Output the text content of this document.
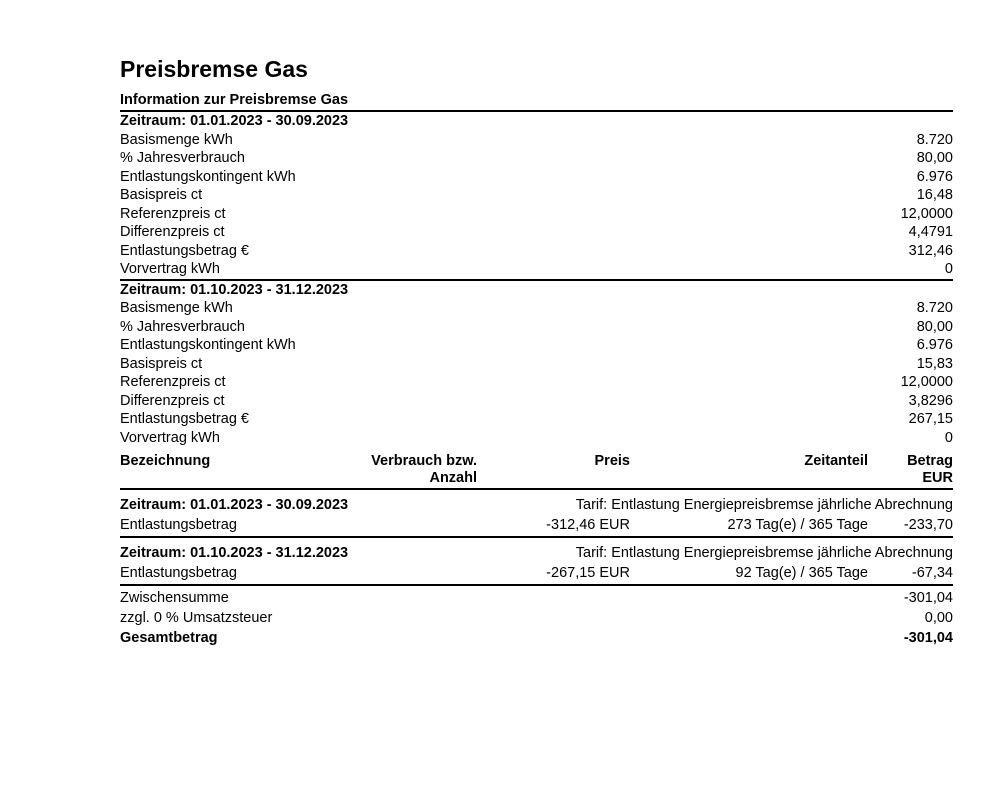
Preisbremse Gas
Information zur Preisbremse Gas
Zeitraum: 01.01.2023 - 30.09.2023
Basismenge kWh	8.720
% Jahresverbrauch	80,00
Entlastungskontingent kWh	6.976
Basispreis ct	16,48
Referenzpreis ct	12,0000
Differenzpreis ct	4,4791
Entlastungsbetrag €	312,46
Vorvertrag kWh	0
Zeitraum: 01.10.2023 - 31.12.2023
Basismenge kWh	8.720
% Jahresverbrauch	80,00
Entlastungskontingent kWh	6.976
Basispreis ct	15,83
Referenzpreis ct	12,0000
Differenzpreis ct	3,8296
Entlastungsbetrag €	267,15
Vorvertrag kWh	0
Bezeichnung	Verbrauch bzw.
Anzahl
Preis	Zeitanteil	Betrag
EUR
Zeitraum: 01.01.2023 - 30.09.2023	Tarif: Entlastung Energiepreisbremse jährliche Abrechnung
Entlastungsbetrag	-312,46 EUR	273 Tag(e) / 365 Tage	-233,70
Zeitraum: 01.10.2023 - 31.12.2023	Tarif: Entlastung Energiepreisbremse jährliche Abrechnung
Entlastungsbetrag	-267,15 EUR	92 Tag(e) / 365 Tage	-67,34
Zwischensumme	-301,04
zzgl. 0 % Umsatzsteuer	0,00
Gesamtbetrag	-301,04
